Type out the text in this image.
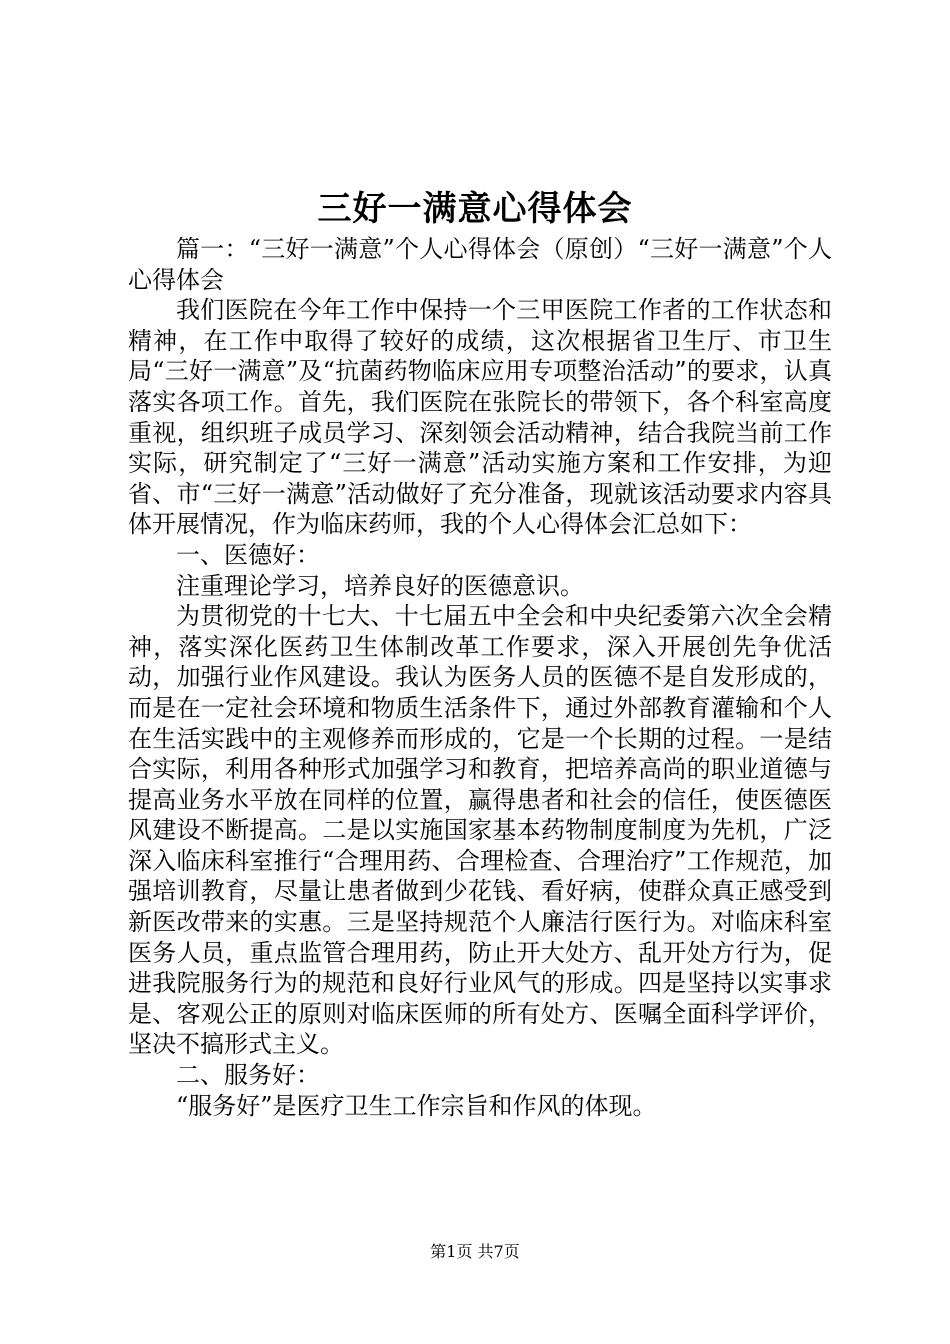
三好一满意心得体会

篇一：“三好一满意”个人心得体会（原创）“三好一满意”个人心得体会

我们医院在今年工作中保持一个三甲医院工作者的工作状态和精神，在工作中取得了较好的成绩，这次根据省卫生厅、市卫生局“三好一满意”及“抗菌药物临床应用专项整治活动”的要求，认真落实各项工作。首先，我们医院在张院长的带领下，各个科室高度重视，组织班子成员学习、深刻领会活动精神，结合我院当前工作实际，研究制定了“三好一满意”活动实施方案和工作安排，为迎省、市“三好一满意”活动做好了充分准备，现就该活动要求内容具体开展情况，作为临床药师，我的个人心得体会汇总如下：

一、医德好：

注重理论学习，培养良好的医德意识。

为贯彻党的十七大、十七届五中全会和中央纪委第六次全会精神，落实深化医药卫生体制改革工作要求，深入开展创先争优活动，加强行业作风建设。我认为医务人员的医德不是自发形成的，而是在一定社会环境和物质生活条件下，通过外部教育灌输和个人在生活实践中的主观修养而形成的，它是一个长期的过程。一是结合实际，利用各种形式加强学习和教育，把培养高尚的职业道德与提高业务水平放在同样的位置，赢得患者和社会的信任，使医德医风建设不断提高。二是以实施国家基本药物制度制度为先机，广泛深入临床科室推行“合理用药、合理检查、合理治疗”工作规范，加强培训教育，尽量让患者做到少花钱、看好病，使群众真正感受到新医改带来的实惠。三是坚持规范个人廉洁行医行为。对临床科室医务人员，重点监管合理用药，防止开大处方、乱开处方行为，促进我院服务行为的规范和良好行业风气的形成。四是坚持以实事求是、客观公正的原则对临床医师的所有处方、医嘱全面科学评价，坚决不搞形式主义。

二、服务好：

“服务好”是医疗卫生工作宗旨和作风的体现。

第1页 共7页
